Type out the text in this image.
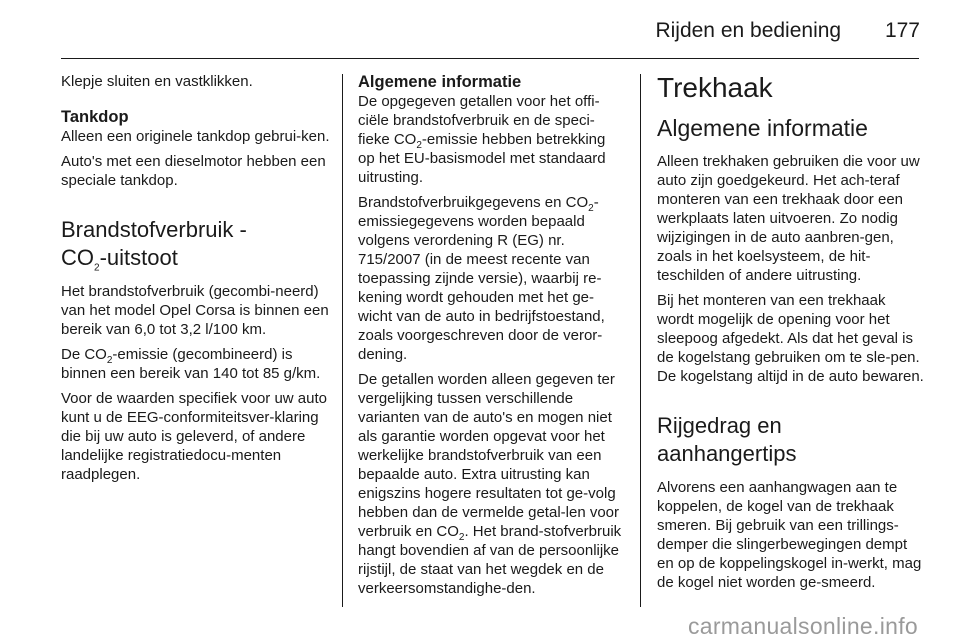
Rijden en bediening 177

Klepje sluiten en vastklikken.

Tankdop

Alleen een originele tankdop gebrui-ken.

Auto's met een dieselmotor hebben een speciale tankdop.

Brandstofverbruik -
$CO_2$-uitstoot

Het brandstofverbruik (gecombi-neerd) van het model Opel Corsa is binnen een bereik van 6,0 tot 3,2 l/100 km.

De $CO_2$-emissie (gecombineerd) is binnen een bereik van 140 tot 85 g/km.

Voor de waarden specifiek voor uw auto kunt u de EEG-conformiteitsver-klaring die bij uw auto is geleverd, of andere landelijke registratiedocu-menten raadplegen.

Algemene informatie

De opgegeven getallen voor het offi-ciële brandstofverbruik en de speci-fieke $CO_2$-emissie hebben betrekking op het EU-basismodel met standaard uitrusting.

Brandstofverbruikgegevens en $CO_2$-emissiegegevens worden bepaald volgens verordening R (EG) nr. 715/2007 (in de meest recente van toepassing zijnde versie), waarbij re-kening wordt gehouden met het ge-wicht van de auto in bedrijfstoestand, zoals voorgeschreven door de veror-dening.

De getallen worden alleen gegeven ter vergelijking tussen verschillende varianten van de auto's en mogen niet als garantie worden opgevat voor het werkelijke brandstofverbruik van een bepaalde auto. Extra uitrusting kan enigszins hogere resultaten tot ge-volg hebben dan de vermelde getal-len voor verbruik en $CO_2$. Het brand-stofverbruik hangt bovendien af van de persoonlijke rijstijl, de staat van het wegdek en de verkeersomstandighe-den.

Trekhaak
Algemene informatie

Alleen trekhaken gebruiken die voor uw auto zijn goedgekeurd. Het ach-teraf monteren van een trekhaak door een werkplaats laten uitvoeren. Zo nodig wijzigingen in de auto aanbren-gen, zoals in het koelsysteem, de hit-teschilden of andere uitrusting.

Bij het monteren van een trekhaak wordt mogelijk de opening voor het sleepoog afgedekt. Als dat het geval is de kogelstang gebruiken om te sle-pen. De kogelstang altijd in de auto bewaren.

Rijgedrag en
aanhangertips

Alvorens een aanhangwagen aan te koppelen, de kogel van de trekhaak smeren. Bij gebruik van een trillings-demper die slingerbewegingen dempt en op de koppelingskogel in-werkt, mag de kogel niet worden ge-smeerd.

carmanualsonline.info
